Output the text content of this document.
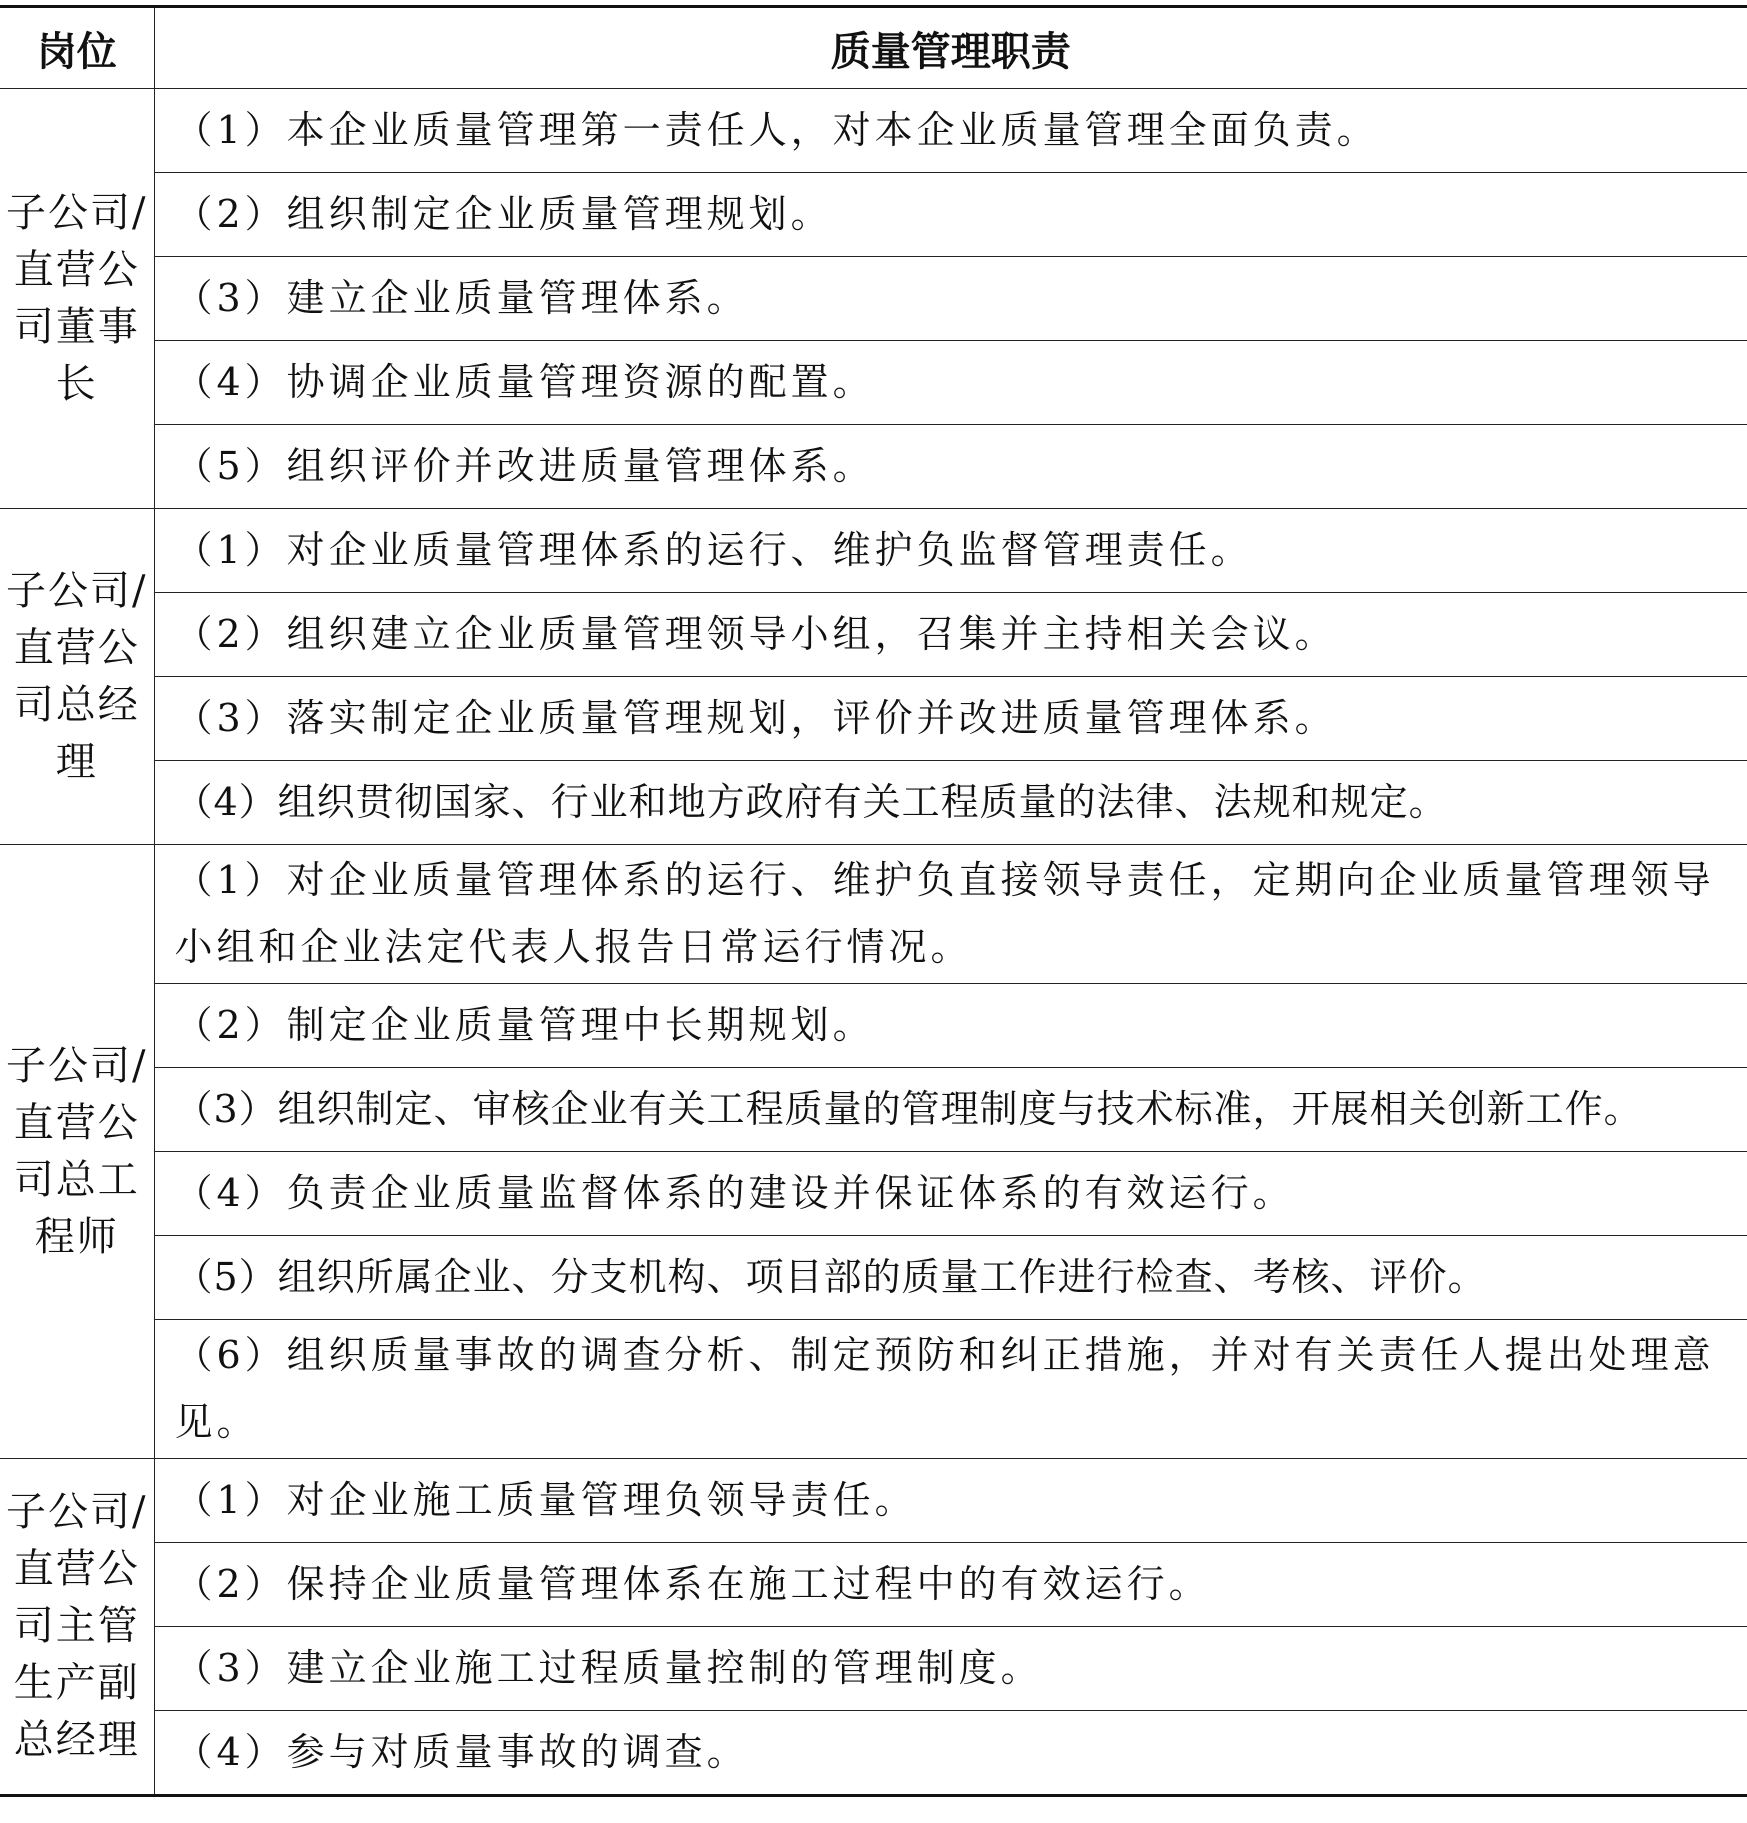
岗位	质量管理职责
子公司/直营公司董事长	（1）本企业质量管理第一责任人，对本企业质量管理全面负责。
	（2）组织制定企业质量管理规划。
	（3）建立企业质量管理体系。
	（4）协调企业质量管理资源的配置。
	（5）组织评价并改进质量管理体系。
子公司/直营公司总经理	（1）对企业质量管理体系的运行、维护负监督管理责任。
	（2）组织建立企业质量管理领导小组，召集并主持相关会议。
	（3）落实制定企业质量管理规划，评价并改进质量管理体系。
	（4）组织贯彻国家、行业和地方政府有关工程质量的法律、法规和规定。
子公司/直营公司总工程师	（1）对企业质量管理体系的运行、维护负直接领导责任，定期向企业质量管理领导小组和企业法定代表人报告日常运行情况。
	（2）制定企业质量管理中长期规划。
	（3）组织制定、审核企业有关工程质量的管理制度与技术标准，开展相关创新工作。
	（4）负责企业质量监督体系的建设并保证体系的有效运行。
	（5）组织所属企业、分支机构、项目部的质量工作进行检查、考核、评价。
	（6）组织质量事故的调查分析、制定预防和纠正措施，并对有关责任人提出处理意见。
子公司/直营公司主管生产副总经理	（1）对企业施工质量管理负领导责任。
	（2）保持企业质量管理体系在施工过程中的有效运行。
	（3）建立企业施工过程质量控制的管理制度。
	（4）参与对质量事故的调查。
